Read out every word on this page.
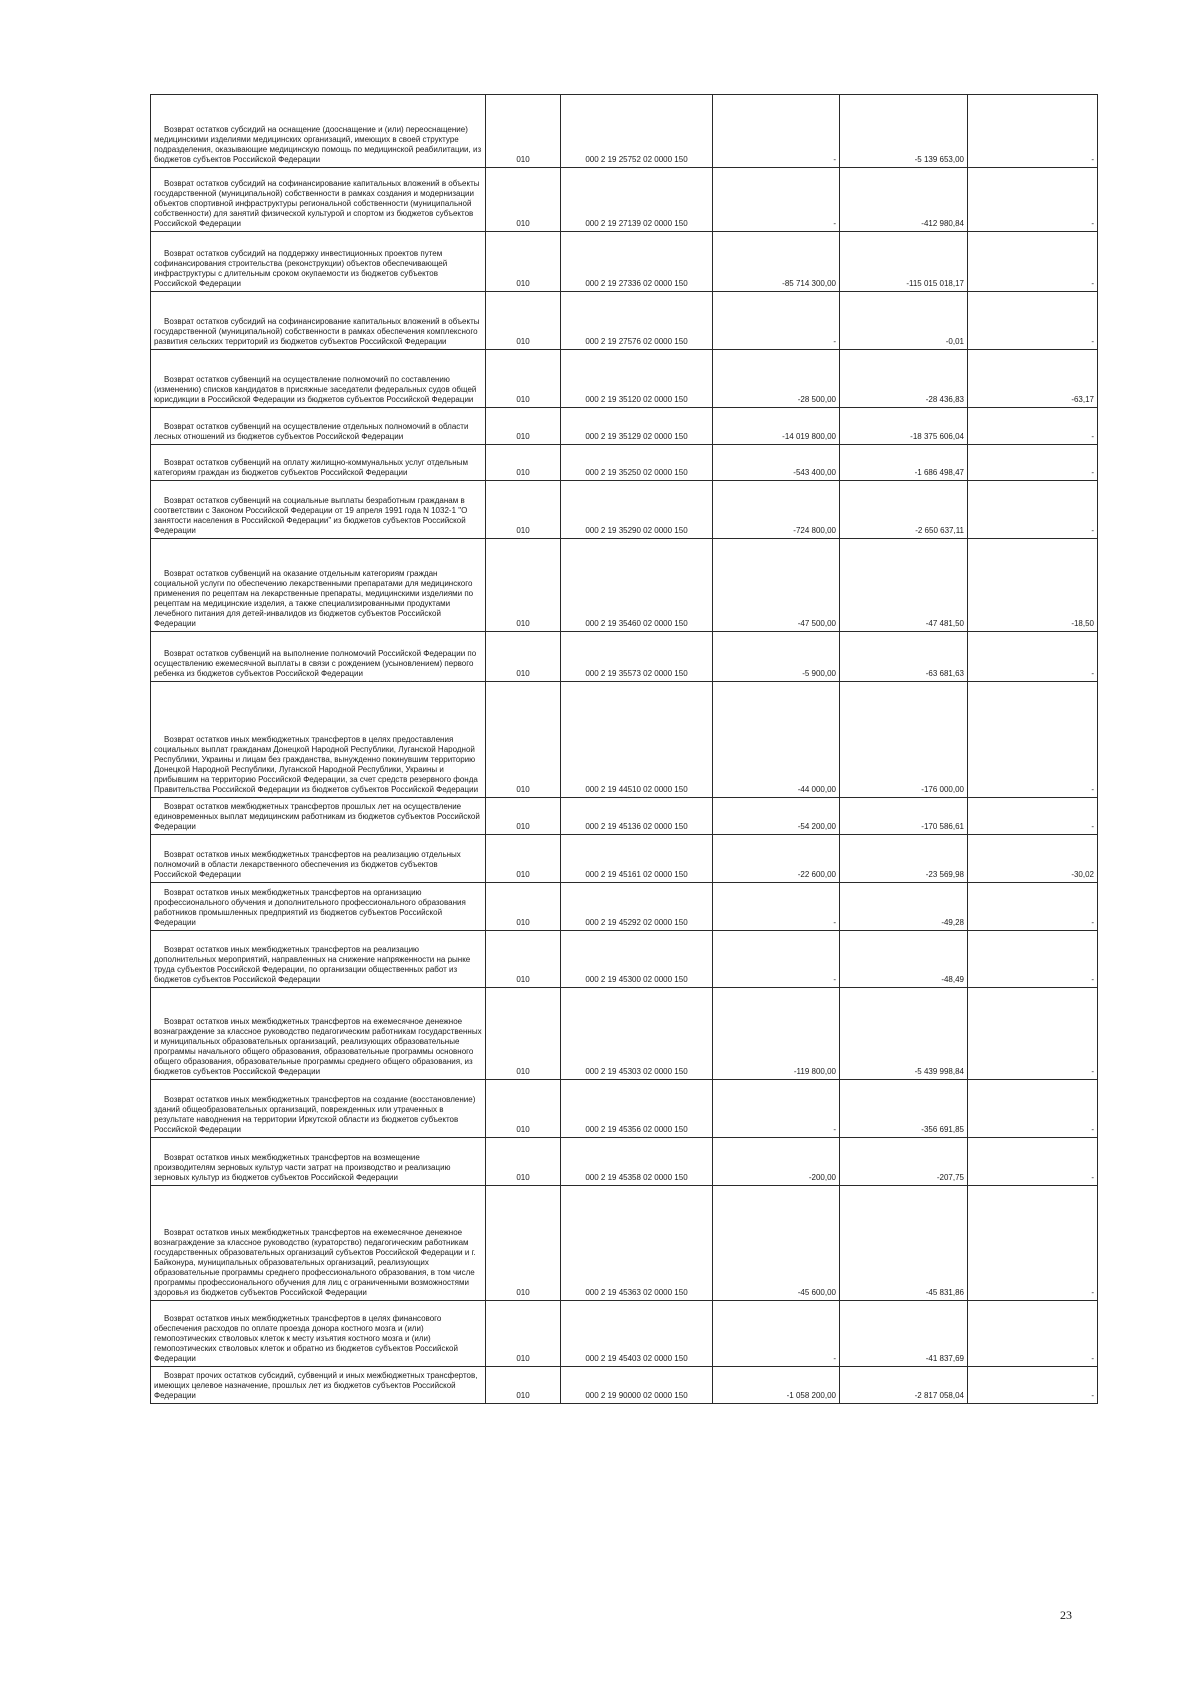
Возврат остатков субсидий на оснащение (дооснащение и (или) переоснащение) медицинскими изделиями медицинских организаций, имеющих в своей структуре подразделения, оказывающие медицинскую помощь по медицинской реабилитации, из бюджетов субъектов Российской Федерации	010	000 2 19 25752 02 0000 150	-	-5 139 653,00	-

Возврат остатков субсидий на софинансирование капитальных вложений в объекты государственной (муниципальной) собственности в рамках создания и модернизации объектов спортивной инфраструктуры региональной собственности (муниципальной собственности) для занятий физической культурой и спортом из бюджетов субъектов Российской Федерации	010	000 2 19 27139 02 0000 150	-	-412 980,84	-

Возврат остатков субсидий на поддержку инвестиционных проектов путем софинансирования строительства (реконструкции) объектов обеспечивающей инфраструктуры с длительным сроком окупаемости из бюджетов субъектов Российской Федерации	010	000 2 19 27336 02 0000 150	-85 714 300,00	-115 015 018,17	-

Возврат остатков субсидий на софинансирование капитальных вложений в объекты государственной (муниципальной) собственности в рамках обеспечения комплексного развития сельских территорий из бюджетов субъектов Российской Федерации	010	000 2 19 27576 02 0000 150	-	-0,01	-

Возврат остатков субвенций на осуществление полномочий по составлению (изменению) списков кандидатов в присяжные заседатели федеральных судов общей юрисдикции в Российской Федерации из бюджетов субъектов Российской Федерации	010	000 2 19 35120 02 0000 150	-28 500,00	-28 436,83	-63,17

Возврат остатков субвенций на осуществление отдельных полномочий в области лесных отношений из бюджетов субъектов Российской Федерации	010	000 2 19 35129 02 0000 150	-14 019 800,00	-18 375 606,04	-

Возврат остатков субвенций на оплату жилищно-коммунальных услуг отдельным категориям граждан из бюджетов субъектов Российской Федерации	010	000 2 19 35250 02 0000 150	-543 400,00	-1 686 498,47	-

Возврат остатков субвенций на социальные выплаты безработным гражданам в соответствии с Законом Российской Федерации от 19 апреля 1991 года N 1032-1 "О занятости населения в Российской Федерации" из бюджетов субъектов Российской Федерации	010	000 2 19 35290 02 0000 150	-724 800,00	-2 650 637,11	-

Возврат остатков субвенций на оказание отдельным категориям граждан социальной услуги по обеспечению лекарственными препаратами для медицинского применения по рецептам на лекарственные препараты, медицинскими изделиями по рецептам на медицинские изделия, а также специализированными продуктами лечебного питания для детей-инвалидов из бюджетов субъектов Российской Федерации	010	000 2 19 35460 02 0000 150	-47 500,00	-47 481,50	-18,50

Возврат остатков субвенций на выполнение полномочий Российской Федерации по осуществлению ежемесячной выплаты в связи с рождением (усыновлением) первого ребенка из бюджетов субъектов Российской Федерации	010	000 2 19 35573 02 0000 150	-5 900,00	-63 681,63	-

Возврат остатков иных межбюджетных трансфертов в целях предоставления социальных выплат гражданам Донецкой Народной Республики, Луганской Народной Республики, Украины и лицам без гражданства, вынужденно покинувшим территорию Донецкой Народной Республики, Луганской Народной Республики, Украины и прибывшим на территорию Российской Федерации, за счет средств резервного фонда Правительства Российской Федерации из бюджетов субъектов Российской Федерации	010	000 2 19 44510 02 0000 150	-44 000,00	-176 000,00	-

Возврат остатков межбюджетных трансфертов прошлых лет на осуществление единовременных выплат медицинским работникам из бюджетов субъектов Российской Федерации	010	000 2 19 45136 02 0000 150	-54 200,00	-170 586,61	-

Возврат остатков иных межбюджетных трансфертов на реализацию отдельных полномочий в области лекарственного обеспечения из бюджетов субъектов Российской Федерации	010	000 2 19 45161 02 0000 150	-22 600,00	-23 569,98	-30,02

Возврат остатков иных межбюджетных трансфертов на организацию профессионального обучения и дополнительного профессионального образования работников промышленных предприятий из бюджетов субъектов Российской Федерации	010	000 2 19 45292 02 0000 150	-	-49,28	-

Возврат остатков иных межбюджетных трансфертов на реализацию дополнительных мероприятий, направленных на снижение напряженности на рынке труда субъектов Российской Федерации, по организации общественных работ из бюджетов субъектов Российской Федерации	010	000 2 19 45300 02 0000 150	-	-48,49	-

Возврат остатков иных межбюджетных трансфертов на ежемесячное денежное вознаграждение за классное руководство педагогическим работникам государственных и муниципальных образовательных организаций, реализующих образовательные программы начального общего образования, образовательные программы основного общего образования, образовательные программы среднего общего образования, из бюджетов субъектов Российской Федерации	010	000 2 19 45303 02 0000 150	-119 800,00	-5 439 998,84	-

Возврат остатков иных межбюджетных трансфертов на создание (восстановление) зданий общеобразовательных организаций, поврежденных или утраченных в результате наводнения на территории Иркутской области из бюджетов субъектов Российской Федерации	010	000 2 19 45356 02 0000 150	-	-356 691,85	-

Возврат остатков иных межбюджетных трансфертов на возмещение производителям зерновых культур части затрат на производство и реализацию зерновых культур из бюджетов субъектов Российской Федерации	010	000 2 19 45358 02 0000 150	-200,00	-207,75	-

Возврат остатков иных межбюджетных трансфертов на ежемесячное денежное вознаграждение за классное руководство (кураторство) педагогическим работникам государственных образовательных организаций субъектов Российской Федерации и г. Байконура, муниципальных образовательных организаций, реализующих образовательные программы среднего профессионального образования, в том числе программы профессионального обучения для лиц с ограниченными возможностями здоровья из бюджетов субъектов Российской Федерации	010	000 2 19 45363 02 0000 150	-45 600,00	-45 831,86	-

Возврат остатков иных межбюджетных трансфертов в целях финансового обеспечения расходов по оплате проезда донора костного мозга и (или) гемопоэтических стволовых клеток к месту изъятия костного мозга и (или) гемопоэтических стволовых клеток и обратно из бюджетов субъектов Российской Федерации	010	000 2 19 45403 02 0000 150	-	-41 837,69	-

Возврат прочих остатков субсидий, субвенций и иных межбюджетных трансфертов, имеющих целевое назначение, прошлых лет из бюджетов субъектов Российской Федерации	010	000 2 19 90000 02 0000 150	-1 058 200,00	-2 817 058,04	-
23
